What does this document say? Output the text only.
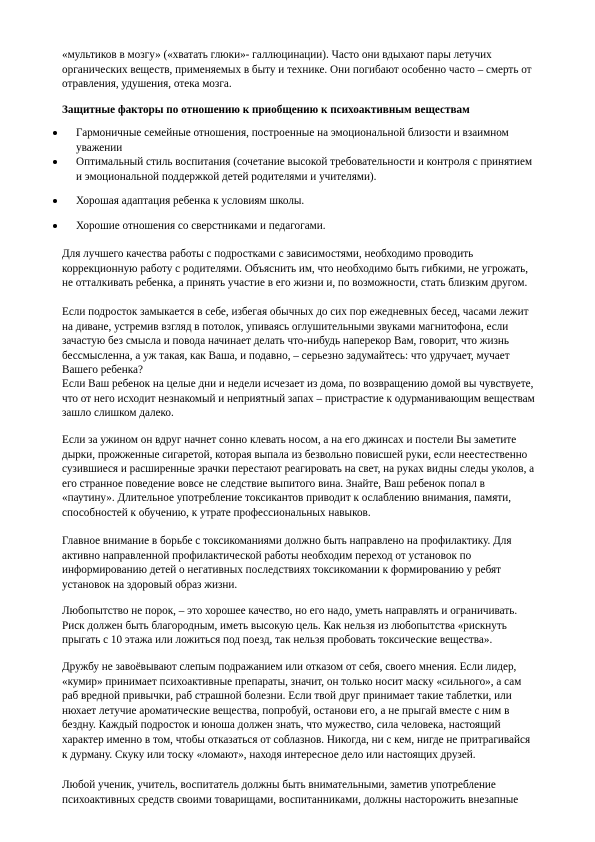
«мультиков в мозгу» («хватать глюки»- галлюцинации). Часто они вдыхают пары летучих органических веществ, применяемых в быту и технике. Они погибают особенно часто – смерть от отравления, удушения, отека мозга.

Защитные факторы по отношению к приобщению к психоактивным веществам

Гармоничные семейные отношения, построенные на эмоциональной близости и взаимном уважении
Оптимальный стиль воспитания (сочетание высокой требовательности и контроля с принятием и эмоциональной поддержкой детей родителями и учителями).
Хорошая адаптация ребенка к условиям школы.
Хорошие отношения со сверстниками и педагогами.

Для лучшего качества работы с подростками с зависимостями, необходимо проводить коррекционную работу с родителями. Объяснить им, что необходимо быть гибкими, не угрожать, не отталкивать ребенка, а принять участие в его жизни и, по возможности, стать близким другом.

Если подросток замыкается в себе, избегая обычных до сих пор ежедневных бесед, часами лежит на диване, устремив взгляд в потолок, упиваясь оглушительными звуками магнитофона, если зачастую без смысла и повода начинает делать что-нибудь наперекор Вам, говорит, что жизнь бессмысленна, а уж такая, как Ваша, и подавно, – серьезно задумайтесь: что удручает, мучает Вашего ребенка?

Если Ваш ребенок на целые дни и недели исчезает из дома, по возвращению домой вы чувствуете, что от него исходит незнакомый и неприятный запах – пристрастие к одурманивающим веществам зашло слишком далеко.

Если за ужином он вдруг начнет сонно клевать носом, а на его джинсах и постели Вы заметите дырки, прожженные сигаретой, которая выпала из безвольно повисшей руки, если неестественно сузившиеся и расширенные зрачки перестают реагировать на свет, на руках видны следы уколов, а его странное поведение вовсе не следствие выпитого вина. Знайте, Ваш ребенок попал в «паутину». Длительное употребление токсикантов приводит к ослаблению внимания, памяти, способностей к обучению, к утрате профессиональных навыков.

Главное внимание в борьбе с токсикоманиями должно быть направлено на профилактику. Для активно направленной профилактической работы необходим переход от установок по информированию детей о негативных последствиях токсикомании к формированию у ребят установок на здоровый образ жизни.

Любопытство не порок, – это хорошее качество, но его надо, уметь направлять и ограничивать. Риск должен быть благородным, иметь высокую цель. Как нельзя из любопытства «рискнуть прыгать с 10 этажа или ложиться под поезд, так нельзя пробовать токсические вещества».

Дружбу не завоёвывают слепым подражанием или отказом от себя, своего мнения. Если лидер, «кумир» принимает психоактивные препараты, значит, он только носит маску «сильного», а сам раб вредной привычки, раб страшной болезни. Если твой друг принимает такие таблетки, или нюхает летучие ароматические вещества, попробуй, останови его, а не прыгай вместе с ним в бездну. Каждый подросток и юноша должен знать, что мужество, сила человека, настоящий характер именно в том, чтобы отказаться от соблазнов. Никогда, ни с кем, нигде не притрагивайся к дурману. Скуку или тоску «ломают», находя интересное дело или настоящих друзей.

Любой ученик, учитель, воспитатель должны быть внимательными, заметив употребление психоактивных средств своими товарищами, воспитанниками, должны насторожить внезапные
